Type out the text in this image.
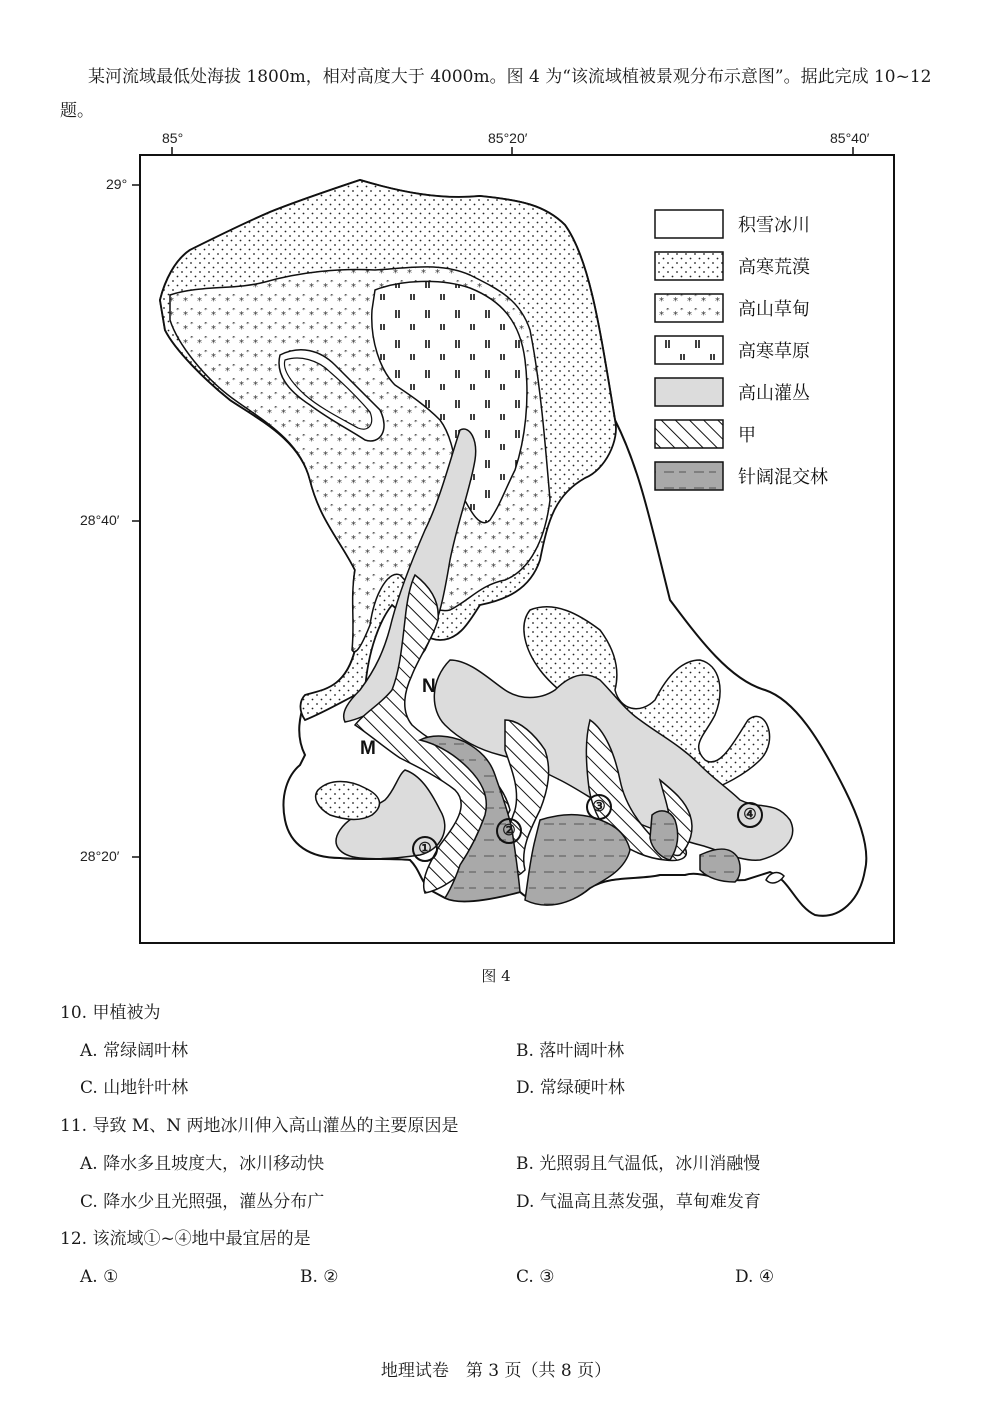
某河流域最低处海拔 1800m，相对高度大于 4000m。图 4 为“该流域植被景观分布示意图”。据此完成 10~12 题。
85°	85°20′	85°40′
29°
28°40′
28°20′
积雪冰川
高寒荒漠
高山草甸
高寒草原
高山灌丛
甲
针阔混交林
N
M
①
②
③	④
图 4
10. 甲植被为
A. 常绿阔叶林	B. 落叶阔叶林
C. 山地针叶林	D. 常绿硬叶林
11. 导致 M、N 两地冰川伸入高山灌丛的主要原因是
A. 降水多且坡度大，冰川移动快	B. 光照弱且气温低，冰川消融慢
C. 降水少且光照强，灌丛分布广	D. 气温高且蒸发强，草甸难发育
12. 该流域①~④地中最宜居的是
A. ①	B. ②	C. ③	D. ④
地理试卷　第 3 页（共 8 页）
